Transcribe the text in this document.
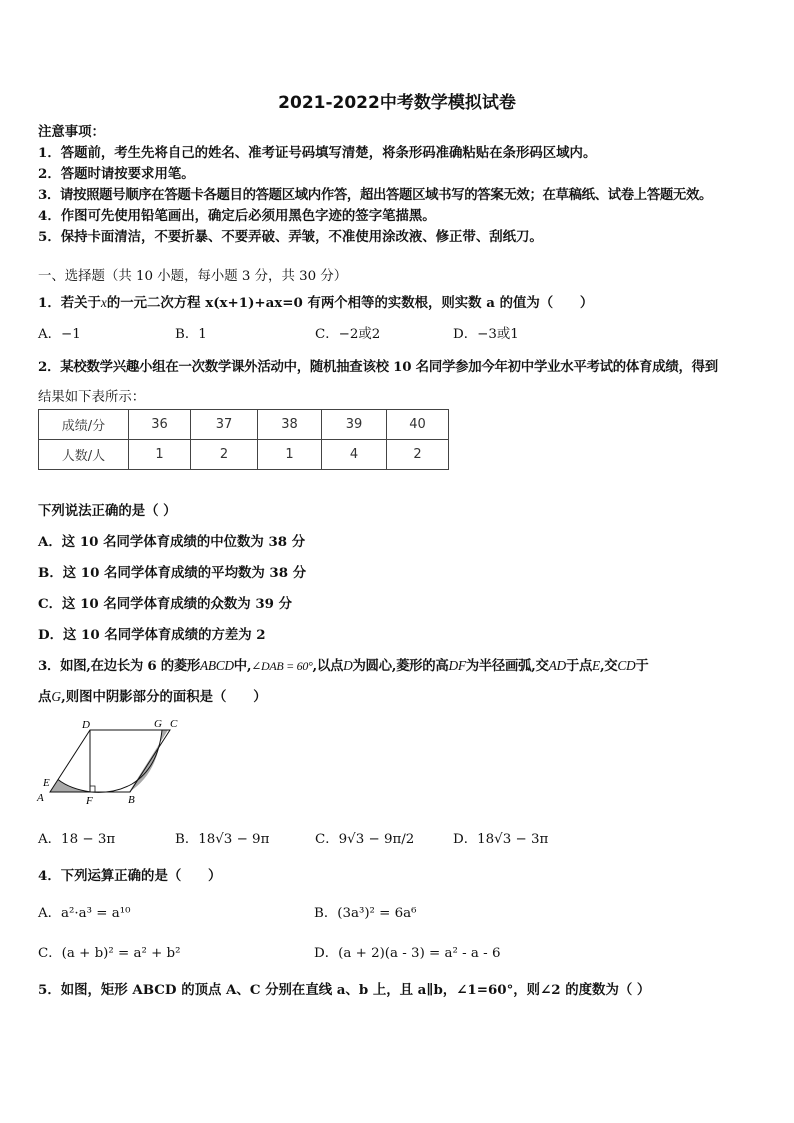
2021-2022中考数学模拟试卷
注意事项：
1．答题前，考生先将自己的姓名、准考证号码填写清楚，将条形码准确粘贴在条形码区域内。
2．答题时请按要求用笔。
3．请按照题号顺序在答题卡各题目的答题区域内作答，超出答题区域书写的答案无效；在草稿纸、试卷上答题无效。
4．作图可先使用铅笔画出，确定后必须用黑色字迹的签字笔描黑。
5．保持卡面清洁，不要折暴、不要弄破、弄皱，不准使用涂改液、修正带、刮纸刀。
一、选择题（共 10 小题，每小题 3 分，共 30 分）
1．若关于x的一元二次方程 x(x+1)+ax=0 有两个相等的实数根，则实数 a 的值为（　　）
A．−1	B．1	C．−2或2	D．−3或1
2．某校数学兴趣小组在一次数学课外活动中，随机抽查该校 10 名同学参加今年初中学业水平考试的体育成绩，得到
结果如下表所示：
成绩/分	36	37	38	39	40
人数/人	1	2	1	4	2
下列说法正确的是（ ）
A．这 10 名同学体育成绩的中位数为 38 分
B．这 10 名同学体育成绩的平均数为 38 分
C．这 10 名同学体育成绩的众数为 39 分
D．这 10 名同学体育成绩的方差为 2
3．如图,在边长为 6 的菱形ABCD中,∠DAB = 60°,以点D为圆心,菱形的高DF为半径画弧,交AD于点E,交CD于
点G,则图中阴影部分的面积是（　　）
D	G C
E
A	F	B
A．18 − 3π	B．18√3 − 9π	C．9√3 − 9π/2	D．18√3 − 3π
4．下列运算正确的是（　　）
A．a²·a³ = a¹⁰	B．(3a³)² = 6a⁶
C．(a + b)² = a² + b²	D．(a + 2)(a - 3) = a² - a - 6
5．如图，矩形 ABCD 的顶点 A、C 分别在直线 a、b 上，且 a∥b，∠1=60°，则∠2 的度数为（ ）
